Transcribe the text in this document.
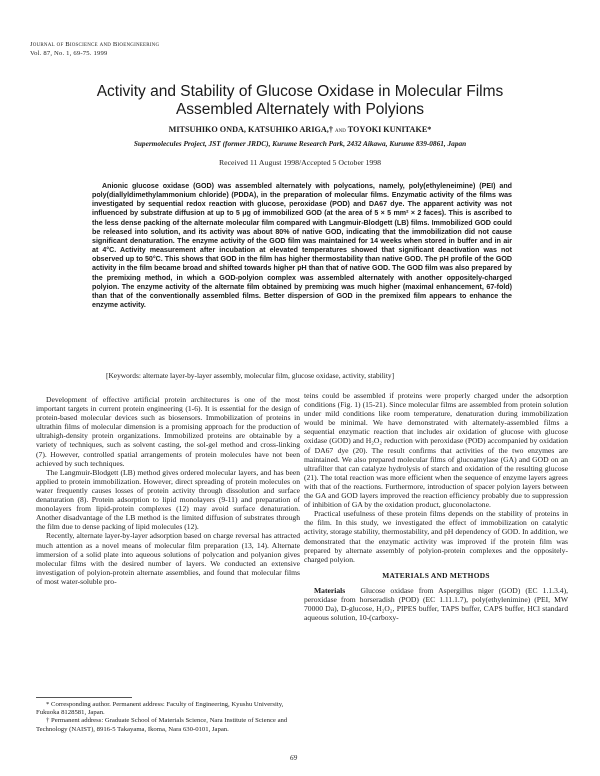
Journal of Bioscience and Bioengineering
Vol. 87, No. 1, 69-75. 1999
Activity and Stability of Glucose Oxidase in Molecular Films Assembled Alternately with Polyions
MITSUHIKO ONDA, KATSUHIKO ARIGA,† and TOYOKI KUNITAKE*
Supermolecules Project, JST (former JRDC), Kurume Research Park, 2432 Aikawa, Kurume 839-0861, Japan
Received 11 August 1998/Accepted 5 October 1998

Anionic glucose oxidase (GOD) was assembled alternately with polycations, namely, poly(ethyleneimine) (PEI) and poly(diallyldimethylammonium chloride) (PDDA), in the preparation of molecular films. Enzymatic activity of the films was investigated by sequential redox reaction with glucose, peroxidase (POD) and DA67 dye. The apparent activity was not influenced by substrate diffusion at up to 5 μg of immobilized GOD (at the area of 5 × 5 mm² × 2 faces). This is ascribed to the less dense packing of the alternate molecular film compared with Langmuir-Blodgett (LB) films. Immobilized GOD could be released into solution, and its activity was about 80% of native GOD, indicating that the immobilization did not cause significant denaturation. The enzyme activity of the GOD film was maintained for 14 weeks when stored in buffer and in air at 4°C. Activity measurement after incubation at elevated temperatures showed that significant deactivation was not observed up to 50°C. This shows that GOD in the film has higher thermostability than native GOD. The pH profile of the GOD activity in the film became broad and shifted towards higher pH than that of native GOD. The GOD film was also prepared by the premixing method, in which a GOD-polyion complex was assembled alternately with another oppositely-charged polyion. The enzyme activity of the alternate film obtained by premixing was much higher (maximal enhancement, 67-fold) than that of the conventionally assembled films. Better dispersion of GOD in the premixed film appears to enhance the enzyme activity.

[Keywords: alternate layer-by-layer assembly, molecular film, glucose oxidase, activity, stability]

Development of effective artificial protein architectures is one of the most important targets in current protein engineering (1-6). It is essential for the design of protein-based molecular devices such as biosensors. Immobilization of proteins in ultrathin films of molecular dimension is a promising approach for the production of ultrahigh-density protein organizations. Immobilized proteins are obtainable by a variety of techniques, such as solvent casting, the sol-gel method and cross-linking (7). However, controlled spatial arrangements of protein molecules have not been achieved by such techniques.

The Langmuir-Blodgett (LB) method gives ordered molecular layers, and has been applied to protein immobilization. However, direct spreading of protein molecules on water frequently causes losses of protein activity through dissolution and surface denaturation (8). Protein adsorption to lipid monolayers (9-11) and preparation of monolayers from lipid-protein complexes (12) may avoid surface denaturation. Another disadvantage of the LB method is the limited diffusion of substrates through the film due to dense packing of lipid molecules (12).

Recently, alternate layer-by-layer adsorption based on charge reversal has attracted much attention as a novel means of molecular film preparation (13, 14). Alternate immersion of a solid plate into aqueous solutions of polycation and polyanion gives molecular films with the desired number of layers. We conducted an extensive investigation of polyion-protein alternate assemblies, and found that molecular films of most water-soluble pro-

teins could be assembled if proteins were properly charged under the adsorption conditions (Fig. 1) (15-21). Since molecular films are assembled from protein solution under mild conditions like room temperature, denaturation during immobilization would be minimal. We have demonstrated with alternately-assembled films a sequential enzymatic reaction that includes air oxidation of glucose with glucose oxidase (GOD) and H₂O₂ reduction with peroxidase (POD) accompanied by oxidation of DA67 dye (20). The result confirms that activities of the two enzymes are maintained. We also prepared molecular films of glucoamylase (GA) and GOD on an ultrafilter that can catalyze hydrolysis of starch and oxidation of the resulting glucose (21). The total reaction was more efficient when the sequence of enzyme layers agrees with that of the reactions. Furthermore, introduction of spacer polyion layers between the GA and GOD layers improved the reaction efficiency probably due to suppression of inhibition of GA by the oxidation product, gluconolactone.

Practical usefulness of these protein films depends on the stability of proteins in the film. In this study, we investigated the effect of immobilization on catalytic activity, storage stability, thermostability, and pH dependency of GOD. In addition, we demonstrated that the enzymatic activity was improved if the protein film was prepared by alternate assembly of polyion-protein complexes and the oppositely-charged polyion.

MATERIALS AND METHODS

Materials Glucose oxidase from Aspergillus niger (GOD) (EC 1.1.3.4), peroxidase from horseradish (POD) (EC 1.11.1.7), poly(ethylenimine) (PEI, MW 70000 Da), D-glucose, H₂O₂, PIPES buffer, TAPS buffer, CAPS buffer, HCl standard aqueous solution, 10-(carboxy-

* Corresponding author. Permanent address: Faculty of Engineering, Kyushu University, Fukuoka 8128581, Japan.

† Permanent address: Graduate School of Materials Science, Nara Institute of Science and Technology (NAIST), 8916-5 Takayama, Ikoma, Nara 630-0101, Japan.

69
